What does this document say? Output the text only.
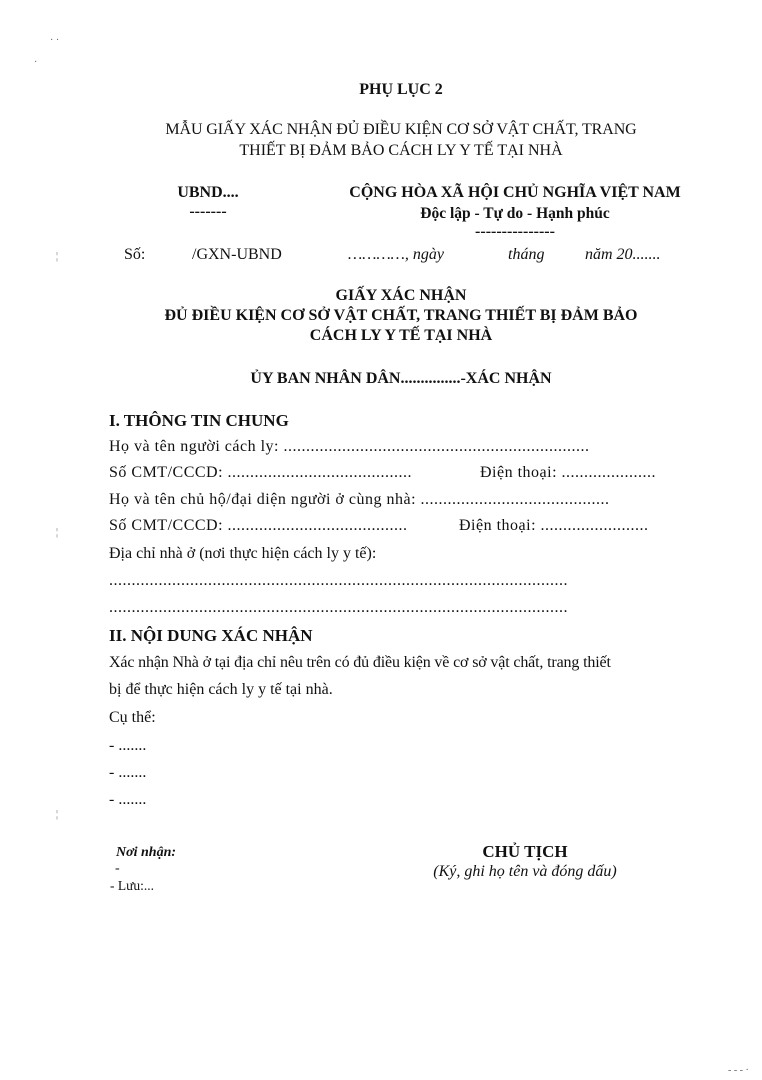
· ·
·
¦
¦
¦
- - - ·
PHỤ LỤC 2
MẪU GIẤY XÁC NHẬN ĐỦ ĐIỀU KIỆN CƠ SỞ VẬT CHẤT, TRANG
THIẾT BỊ ĐẢM BẢO CÁCH LY Y TẾ TẠI NHÀ
UBND....
-------
CỘNG HÒA XÃ HỘI CHỦ NGHĨA VIỆT NAM
Độc lập - Tự do - Hạnh phúc
---------------
Số:	/GXN-UBND	…………, ngày	tháng	năm 20.......
GIẤY XÁC NHẬN
ĐỦ ĐIỀU KIỆN CƠ SỞ VẬT CHẤT, TRANG THIẾT BỊ ĐẢM BẢO
CÁCH LY Y TẾ TẠI NHÀ
ỦY BAN NHÂN DÂN...............-XÁC NHẬN
I. THÔNG TIN CHUNG
Họ và tên người cách ly: ....................................................................
Số CMT/CCCD: .........................................	Điện thoại: .....................
Họ và tên chủ hộ/đại diện người ở cùng nhà: ..........................................
Số CMT/CCCD: ........................................	Điện thoại: ........................
Địa chỉ nhà ở (nơi thực hiện cách ly y tế):
......................................................................................................
......................................................................................................
II. NỘI DUNG XÁC NHẬN
Xác nhận Nhà ở tại địa chỉ nêu trên có đủ điều kiện về cơ sở vật chất, trang thiết
bị để thực hiện cách ly y tế tại nhà.
Cụ thể:
- .......
- .......
- .......
Nơi nhận:
-
- Lưu:...
CHỦ TỊCH
(Ký, ghi họ tên và đóng dấu)
